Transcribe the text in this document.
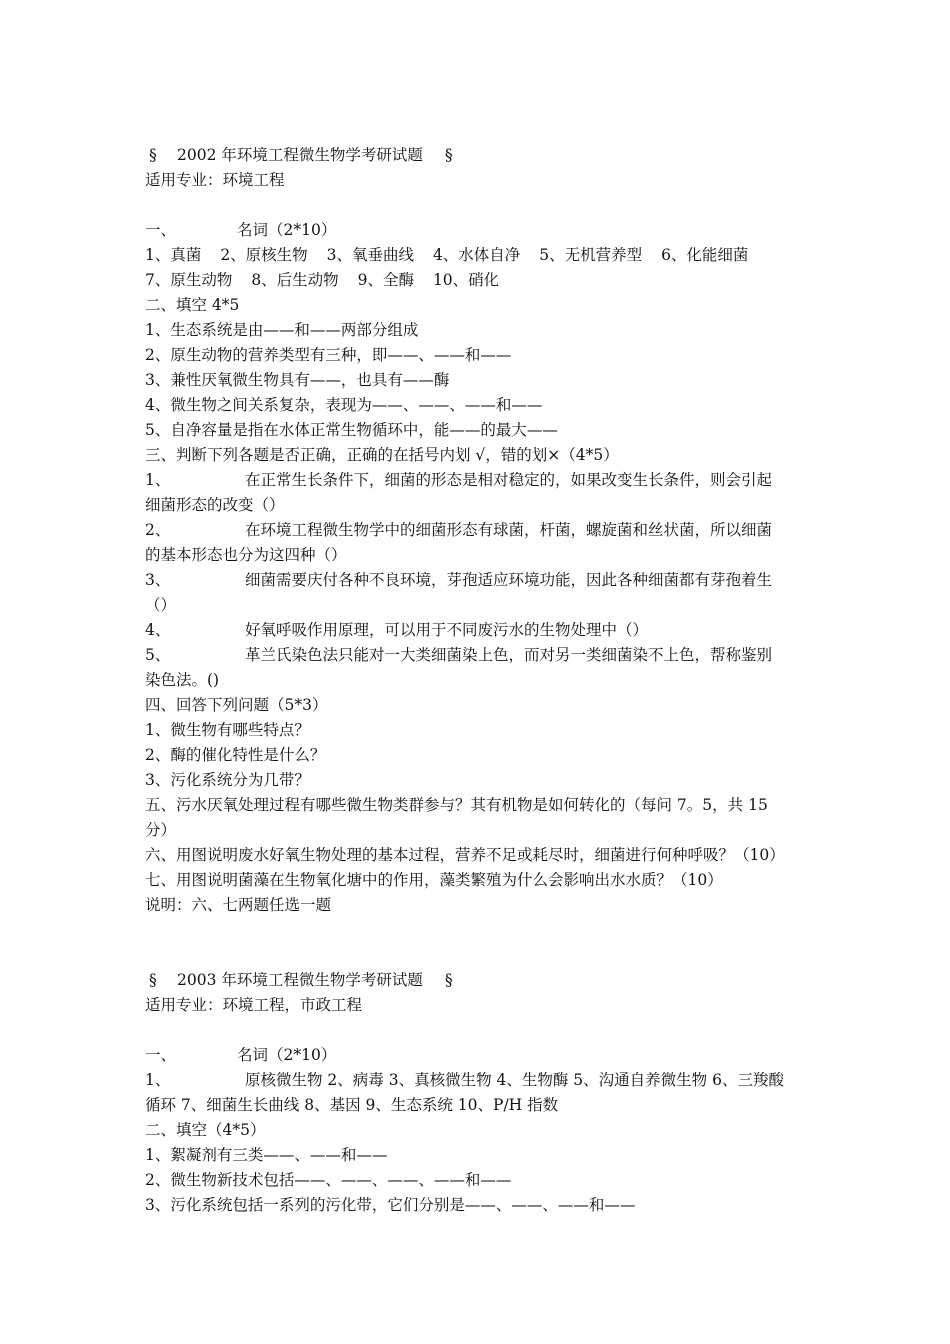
§ 2002 年环境工程微生物学考研试题 §
适用专业：环境工程
一、	名词（2*10）
1、真菌 2、原核生物 3、氧垂曲线 4、水体自净 5、无机营养型 6、化能细菌
7、原生动物 8、后生动物 9、全酶 10、硝化
二、填空 4*5
1、生态系统是由——和——两部分组成
2、原生动物的营养类型有三种，即——、——和——
3、兼性厌氧微生物具有——，也具有——酶
4、微生物之间关系复杂，表现为——、——、——和——
5、自净容量是指在水体正常生物循环中，能——的最大——
三、判断下列各题是否正确，正确的在括号内划 √，错的划×（4*5）
1、	在正常生长条件下，细菌的形态是相对稳定的，如果改变生长条件，则会引起
细菌形态的改变（）
2、	在环境工程微生物学中的细菌形态有球菌，杆菌，螺旋菌和丝状菌，所以细菌
的基本形态也分为这四种（）
3、	细菌需要庆付各种不良环境，芽孢适应环境功能，因此各种细菌都有芽孢着生
（）
4、	好氧呼吸作用原理，可以用于不同废污水的生物处理中（）
5、	革兰氏染色法只能对一大类细菌染上色，而对另一类细菌染不上色，帮称鉴别
染色法。()
四、回答下列问题（5*3）
1、微生物有哪些特点？
2、酶的催化特性是什么？
3、污化系统分为几带？
五、污水厌氧处理过程有哪些微生物类群参与？其有机物是如何转化的（每问 7。5，共 15
分）
六、用图说明废水好氧生物处理的基本过程，营养不足或耗尽时，细菌进行何种呼吸？（10）
七、用图说明菌藻在生物氧化塘中的作用，藻类繁殖为什么会影响出水水质？（10）
说明：六、七两题任选一题
§ 2003 年环境工程微生物学考研试题 §
适用专业：环境工程，市政工程
一、	名词（2*10）
1、	原核微生物 2、病毒 3、真核微生物 4、生物酶 5、沟通自养微生物 6、三羧酸
循环 7、细菌生长曲线 8、基因 9、生态系统 10、P/H 指数
二、填空（4*5）
1、絮凝剂有三类——、——和——
2、微生物新技术包括——、——、——、——和——
3、污化系统包括一系列的污化带，它们分别是——、——、——和——
